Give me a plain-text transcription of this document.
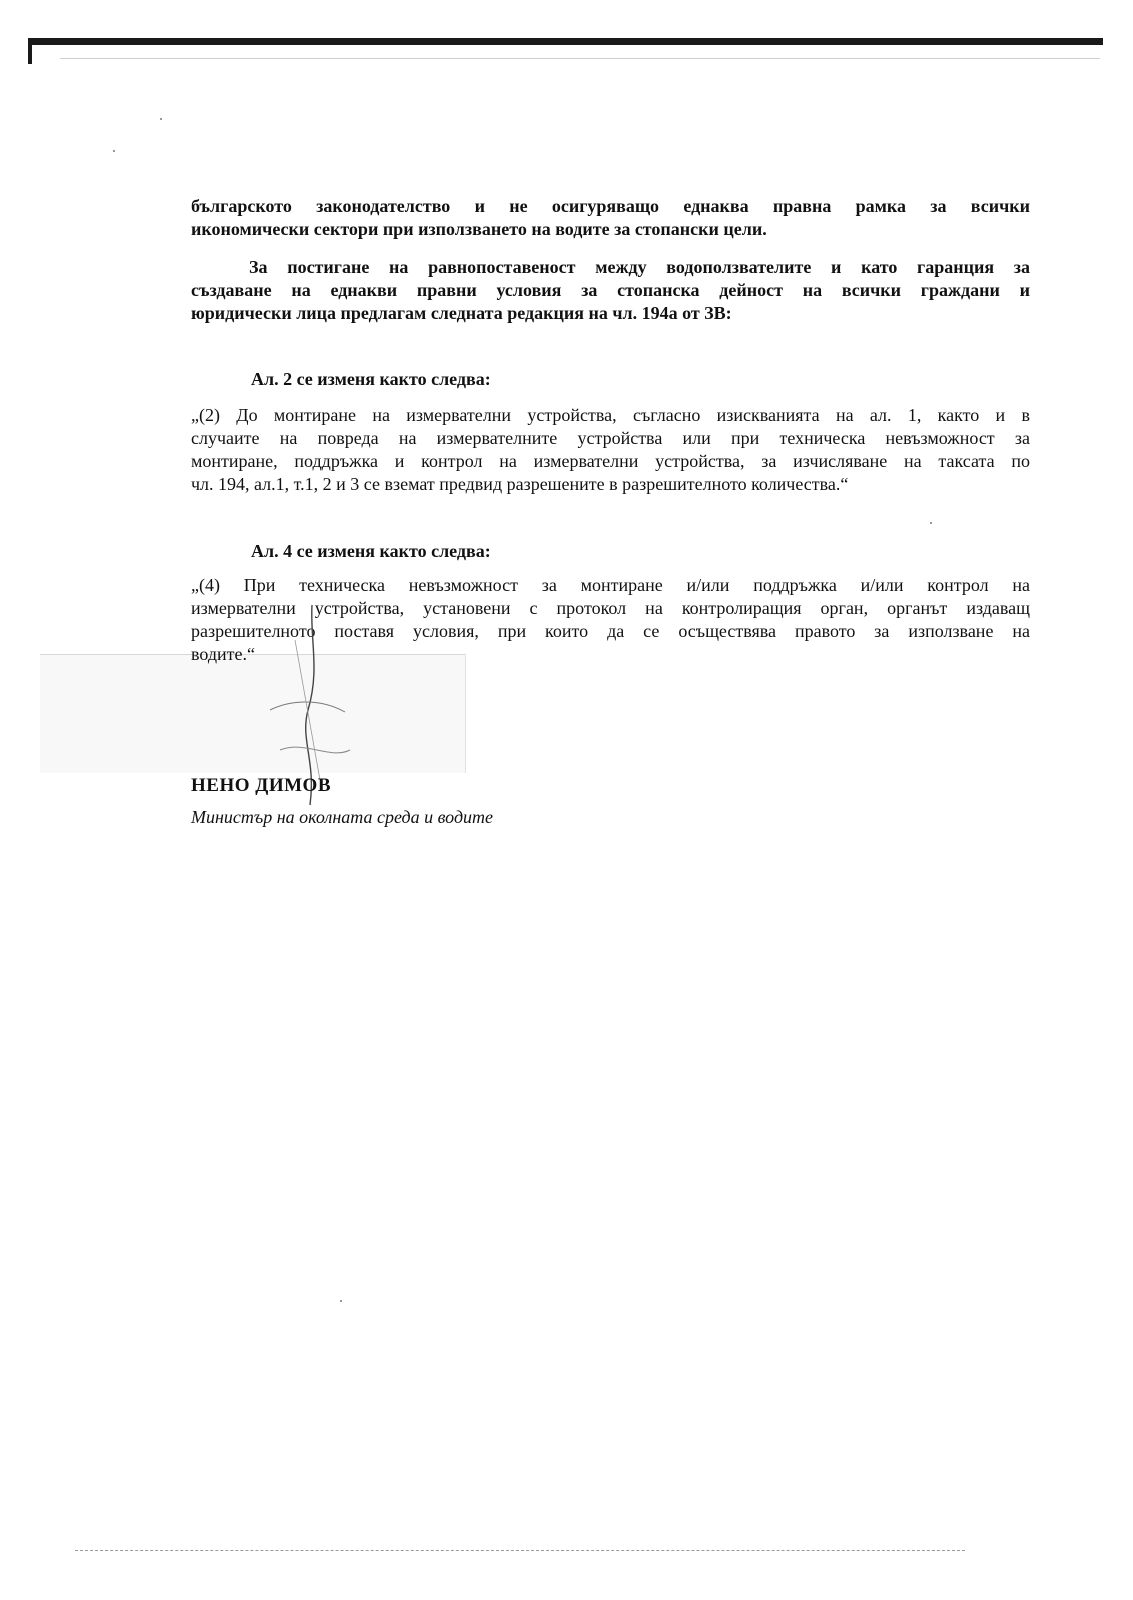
българското законодателство и не осигуряващо еднаква правна рамка за всички

икономически сектори при използването на водите за стопански цели.

За постигане на равнопоставеност между водоползвателите и като гаранция за

създаване на еднакви правни условия за стопанска дейност на всички граждани и

юридически лица предлагам следната редакция на чл. 194а от ЗВ:

Ал. 2 се изменя както следва:

„(2) До монтиране на измервателни устройства, съгласно изискванията на ал. 1, както и в

случаите на повреда на измервателните устройства или при техническа невъзможност за

монтиране, поддръжка и контрол на измервателни устройства, за изчисляване на таксата по

чл. 194, ал.1, т.1, 2 и 3 се вземат предвид разрешените в разрешителното количества.“

Ал. 4 се изменя както следва:

„(4) При техническа невъзможност за монтиране и/или поддръжка и/или контрол на

измервателни устройства, установени с протокол на контролиращия орган, органът издаващ

разрешителното поставя условия, при които да се осъществява правото за използване на

водите.“

НЕНО ДИМОВ
Министър на околната среда и водите
